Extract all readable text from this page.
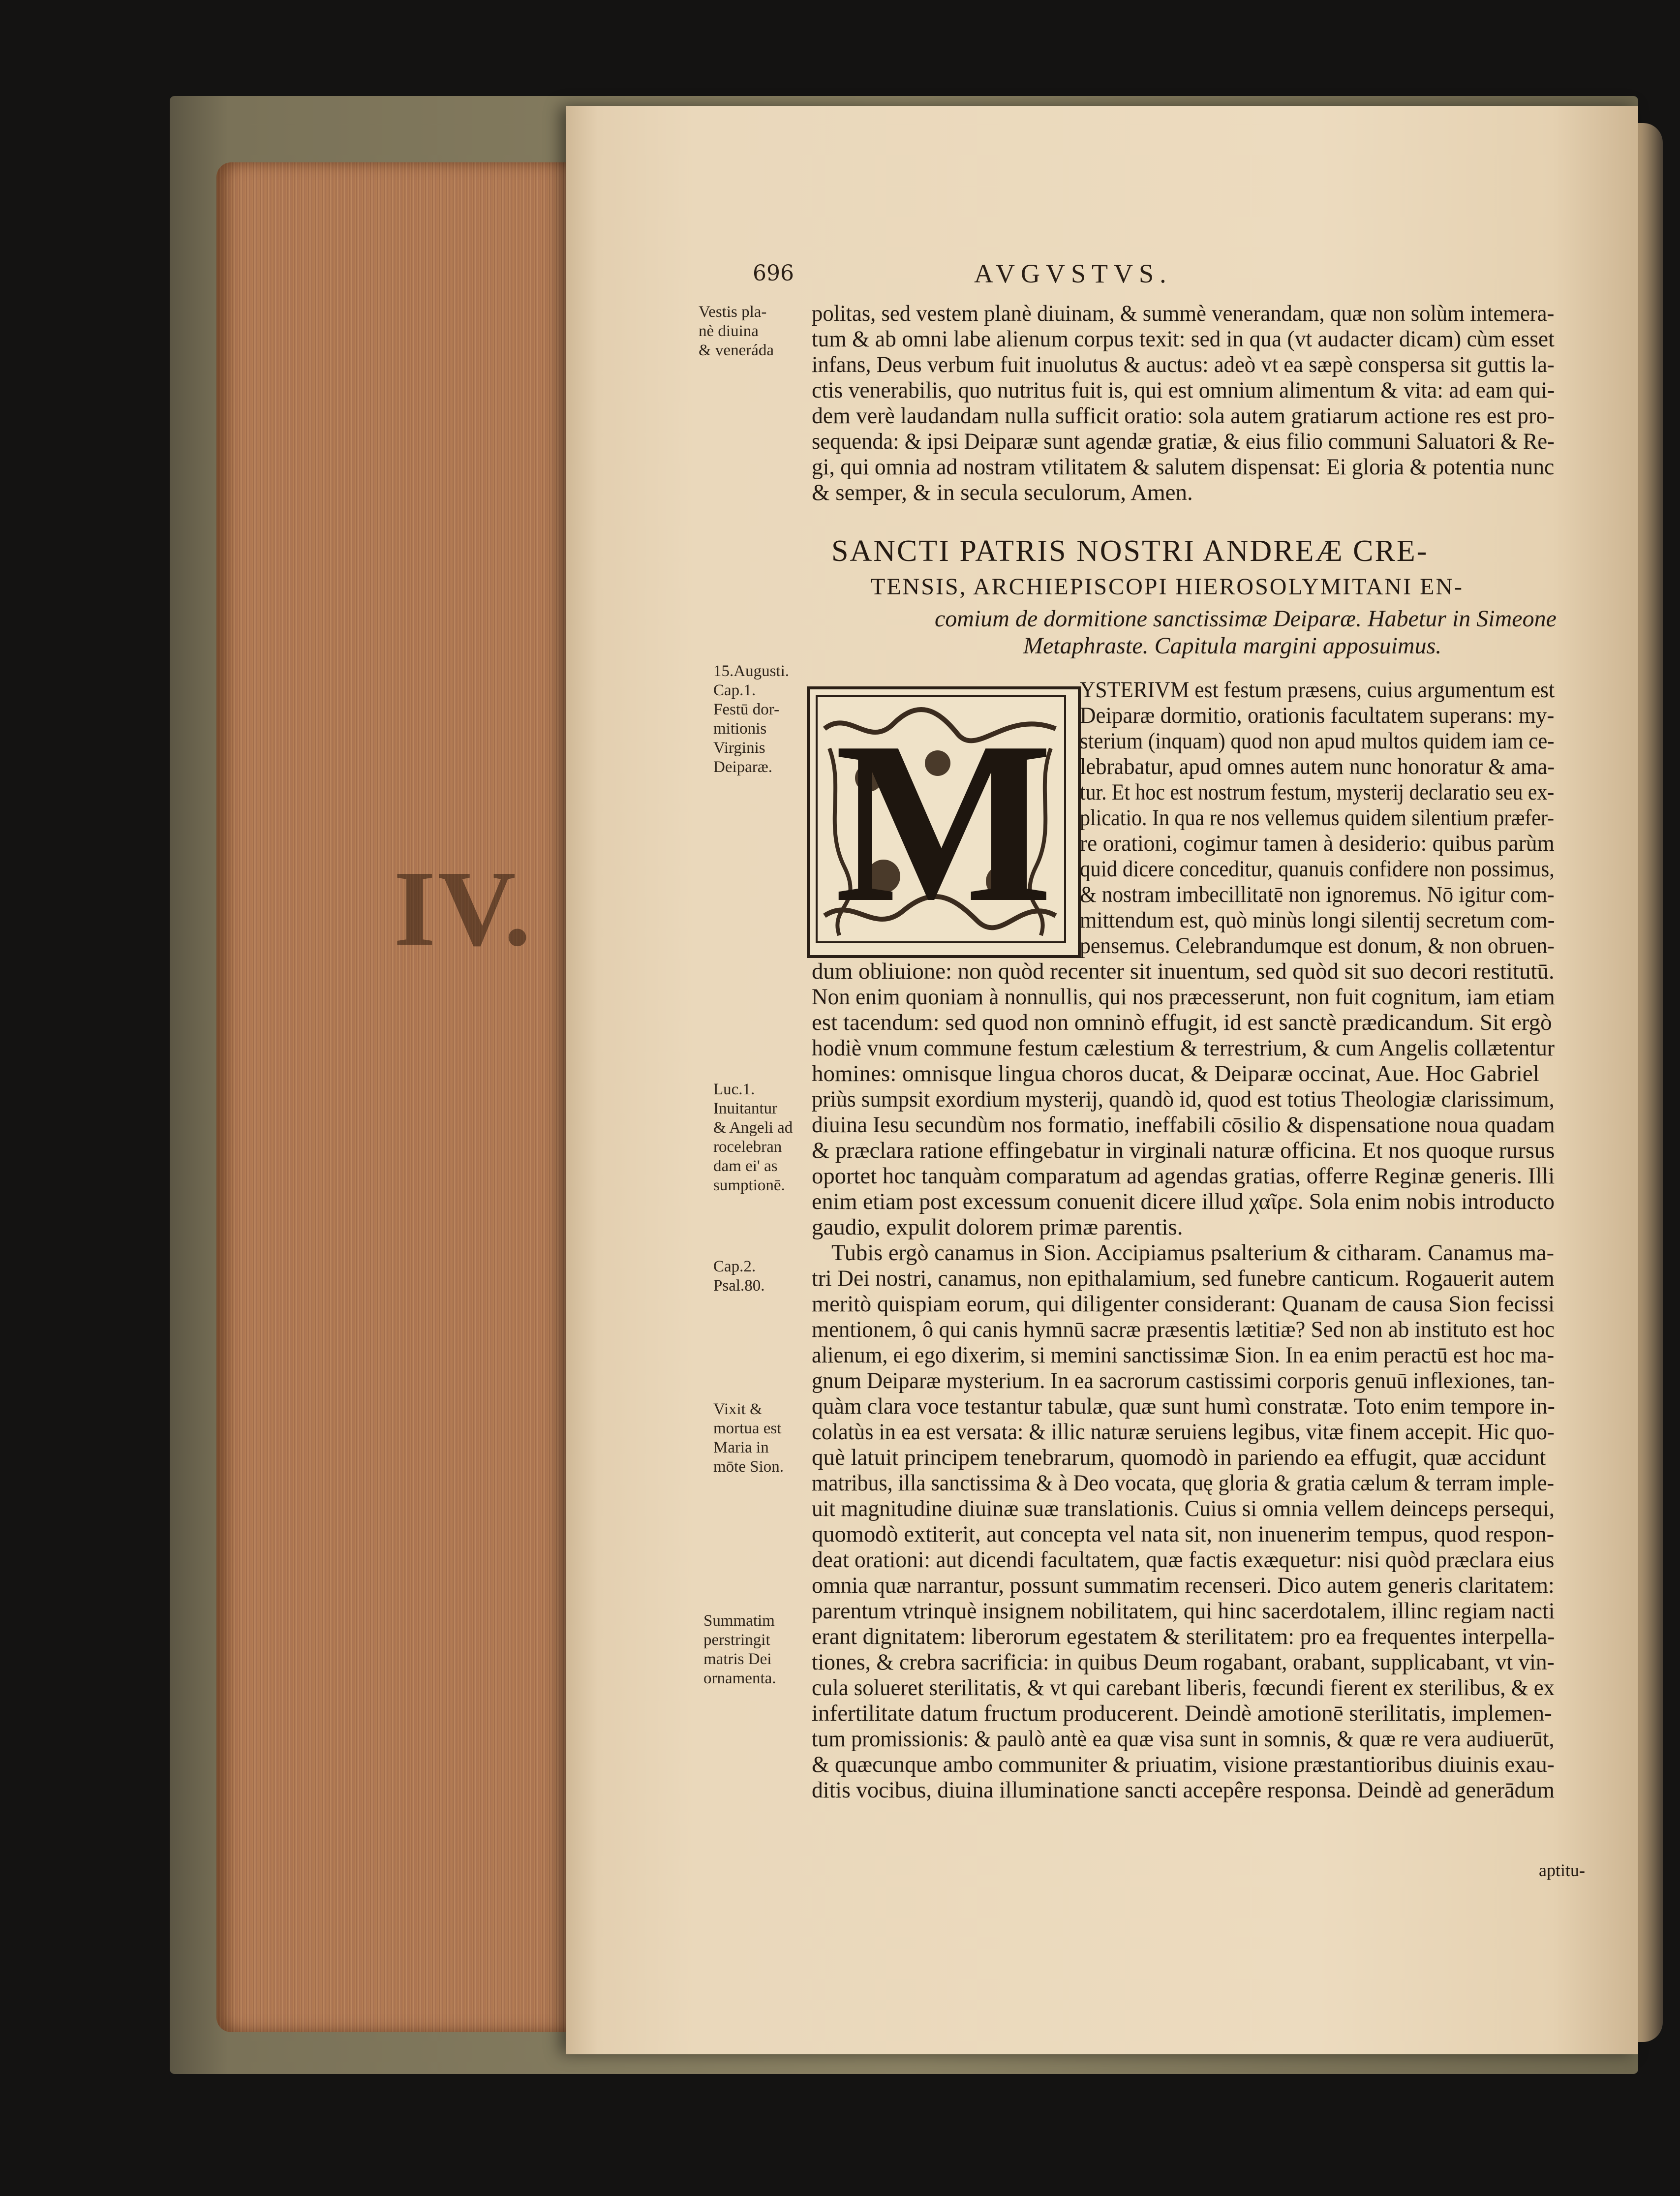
IV.
696	AVGVSTVS.
Vestis pla-
nè diuina
& veneráda
15.Augusti.
Cap.1.
Festū dor-
mitionis
Virginis
Deiparæ.
Luc.1.
Inuitantur
& Angeli ad
rocelebran
dam ei' as
sumptionē.
Cap.2.
Psal.80.
Vixit &
mortua est
Maria in
mōte Sion.
Summatim
perstringit
matris Dei
ornamenta.
politas, sed vestem planè diuinam, & summè venerandam, quæ non solùm intemera-
tum & ab omni labe alienum corpus texit: sed in qua (vt audacter dicam) cùm esset
infans, Deus verbum fuit inuolutus & auctus: adeò vt ea sæpè conspersa sit guttis la-
ctis venerabilis, quo nutritus fuit is, qui est omnium alimentum & vita: ad eam qui-
dem verè laudandam nulla sufficit oratio: sola autem gratiarum actione res est pro-
sequenda: & ipsi Deiparæ sunt agendæ gratiæ, & eius filio communi Saluatori & Re-
gi, qui omnia ad nostram vtilitatem & salutem dispensat: Ei gloria & potentia nunc
& semper, & in secula seculorum, Amen.
SANCTI PATRIS NOSTRI ANDREÆ CRE-
TENSIS, ARCHIEPISCOPI HIEROSOLYMITANI EN-
comium de dormitione sanctissimæ Deiparæ. Habetur in Simeone
Metaphraste. Capitula margini apposuimus.
M
YSTERIVM est festum præsens, cuius argumentum est
Deiparæ dormitio, orationis facultatem superans: my-
sterium (inquam) quod non apud multos quidem iam ce-
lebrabatur, apud omnes autem nunc honoratur & ama-
tur. Et hoc est nostrum festum, mysterij declaratio seu ex-
plicatio. In qua re nos vellemus quidem silentium præfer-
re orationi, cogimur tamen à desiderio: quibus parùm
quid dicere conceditur, quanuis confidere non possimus,
& nostram imbecillitatē non ignoremus. Nō igitur com-
mittendum est, quò minùs longi silentij secretum com-
pensemus. Celebrandumque est donum, & non obruen-
dum obliuione: non quòd recenter sit inuentum, sed quòd sit suo decori restitutū.
Non enim quoniam à nonnullis, qui nos præcesserunt, non fuit cognitum, iam etiam
est tacendum: sed quod non omninò effugit, id est sanctè prædicandum. Sit ergò
hodiè vnum commune festum cælestium & terrestrium, & cum Angelis collætentur
homines: omnisque lingua choros ducat, & Deiparæ occinat, Aue. Hoc Gabriel
priùs sumpsit exordium mysterij, quandò id, quod est totius Theologiæ clarissimum,
diuina Iesu secundùm nos formatio, ineffabili cōsilio & dispensatione noua quadam
& præclara ratione effingebatur in virginali naturæ officina. Et nos quoque rursus
oportet hoc tanquàm comparatum ad agendas gratias, offerre Reginæ generis. Illi
enim etiam post excessum conuenit dicere illud χαῖρε. Sola enim nobis introducto
gaudio, expulit dolorem primæ parentis.
Tubis ergò canamus in Sion. Accipiamus psalterium & citharam. Canamus ma-
tri Dei nostri, canamus, non epithalamium, sed funebre canticum. Rogauerit autem
meritò quispiam eorum, qui diligenter considerant: Quanam de causa Sion fecissi
mentionem, ô qui canis hymnū sacræ præsentis lætitiæ? Sed non ab instituto est hoc
alienum, ei ego dixerim, si memini sanctissimæ Sion. In ea enim peractū est hoc ma-
gnum Deiparæ mysterium. In ea sacrorum castissimi corporis genuū inflexiones, tan-
quàm clara voce testantur tabulæ, quæ sunt humì constratæ. Toto enim tempore in-
colatùs in ea est versata: & illic naturæ seruiens legibus, vitæ finem accepit. Hic quo-
què latuit principem tenebrarum, quomodò in pariendo ea effugit, quæ accidunt
matribus, illa sanctissima & à Deo vocata, quę gloria & gratia cælum & terram imple-
uit magnitudine diuinæ suæ translationis. Cuius si omnia vellem deinceps persequi,
quomodò extiterit, aut concepta vel nata sit, non inuenerim tempus, quod respon-
deat orationi: aut dicendi facultatem, quæ factis exæquetur: nisi quòd præclara eius
omnia quæ narrantur, possunt summatim recenseri. Dico autem generis claritatem:
parentum vtrinquè insignem nobilitatem, qui hinc sacerdotalem, illinc regiam nacti
erant dignitatem: liberorum egestatem & sterilitatem: pro ea frequentes interpella-
tiones, & crebra sacrificia: in quibus Deum rogabant, orabant, supplicabant, vt vin-
cula solueret sterilitatis, & vt qui carebant liberis, fœcundi fierent ex sterilibus, & ex
infertilitate datum fructum producerent. Deindè amotionē sterilitatis, implemen-
tum promissionis: & paulò antè ea quæ visa sunt in somnis, & quæ re vera audiuerūt,
& quæcunque ambo communiter & priuatim, visione præstantioribus diuinis exau-
ditis vocibus, diuina illuminatione sancti accepêre responsa. Deindè ad generādum
aptitu-
